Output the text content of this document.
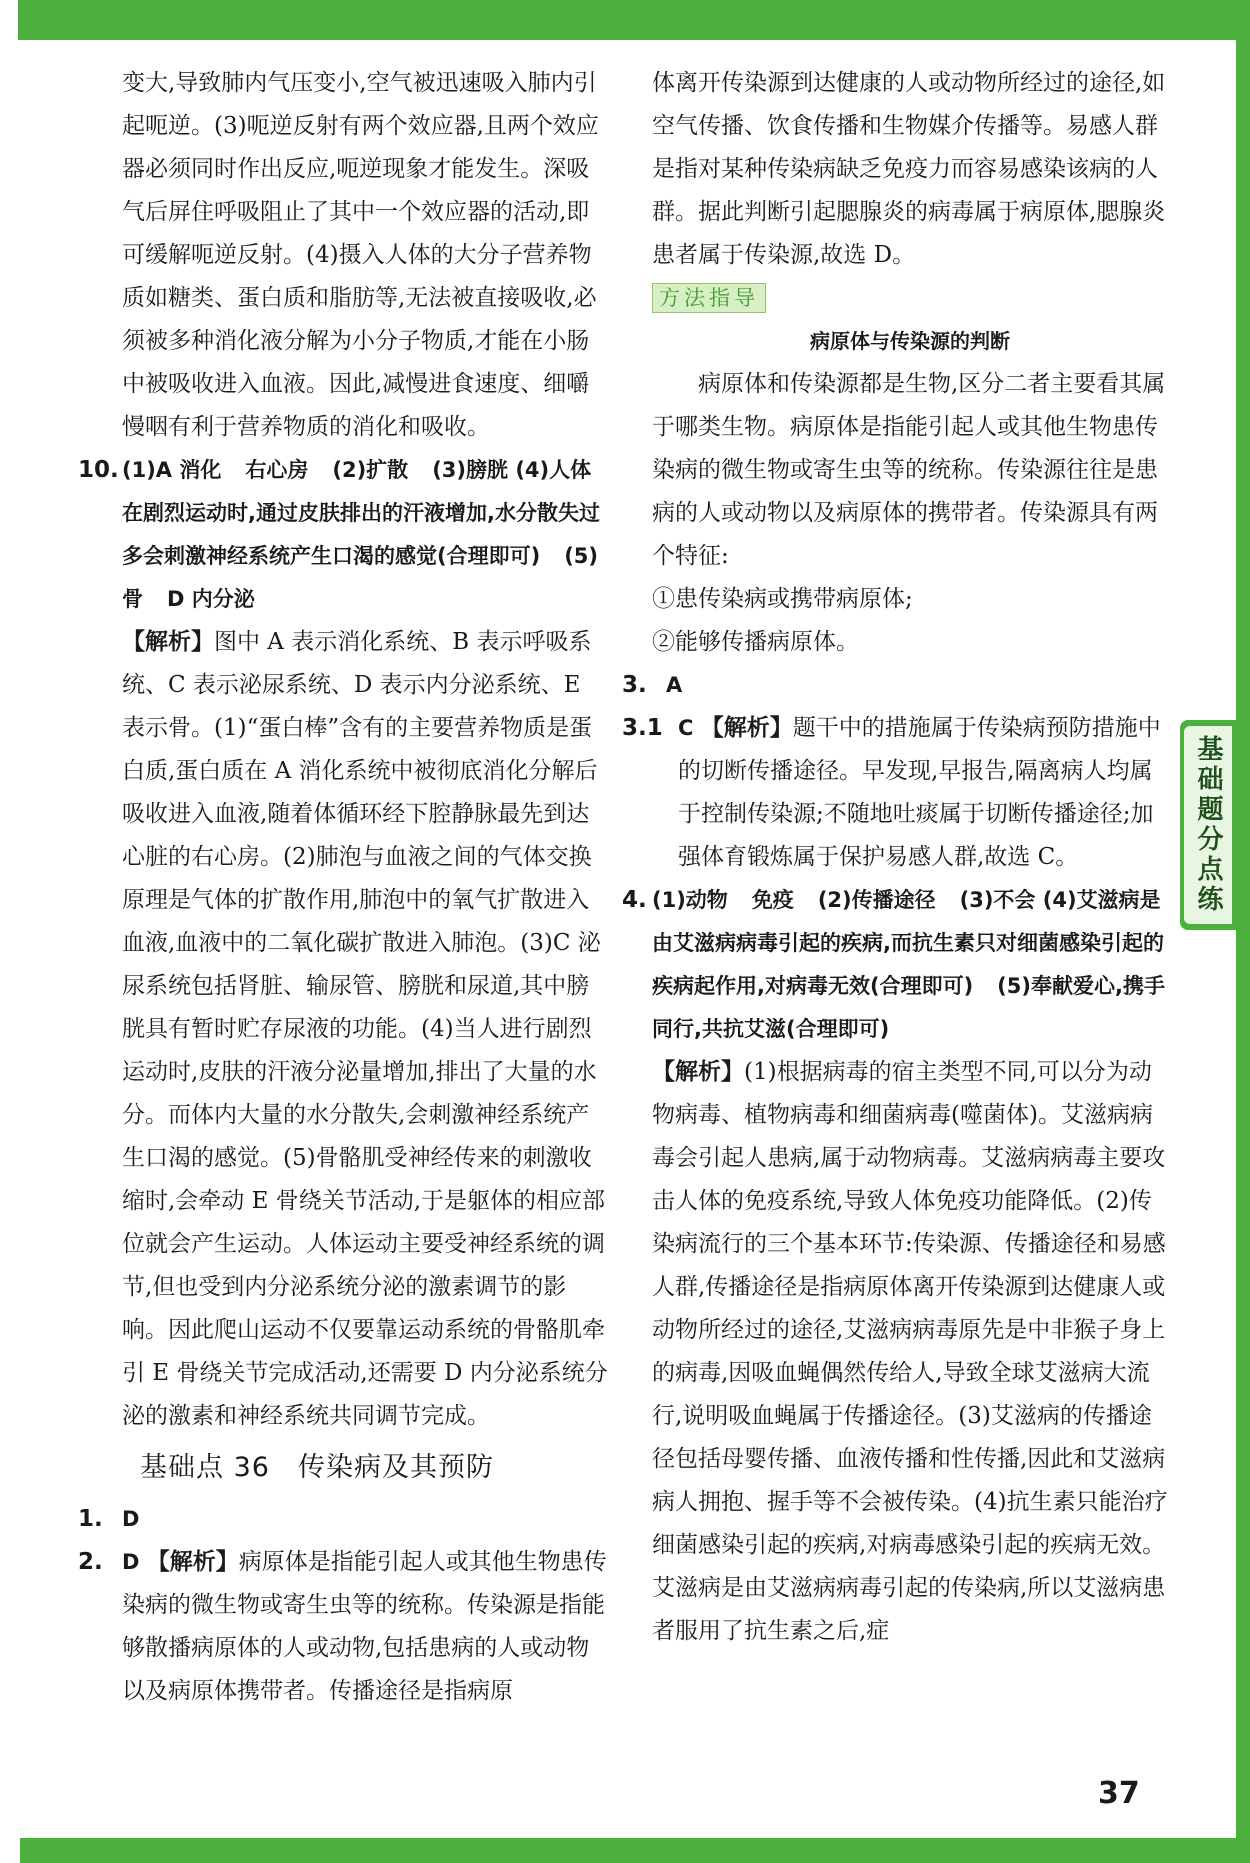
变大,导致肺内气压变小,空气被迅速吸入肺内引起呃逆。(3)呃逆反射有两个效应器,且两个效应器必须同时作出反应,呃逆现象才能发生。深吸气后屏住呼吸阻止了其中一个效应器的活动,即可缓解呃逆反射。(4)摄入人体的大分子营养物质如糖类、蛋白质和脂肪等,无法被直接吸收,必须被多种消化液分解为小分子物质,才能在小肠中被吸收进入血液。因此,减慢进食速度、细嚼慢咽有利于营养物质的消化和吸收。

10. (1)A 消化 右心房 (2)扩散 (3)膀胱 (4)人体在剧烈运动时,通过皮肤排出的汗液增加,水分散失过多会刺激神经系统产生口渴的感觉(合理即可) (5)骨 D 内分泌

【解析】图中 A 表示消化系统、B 表示呼吸系统、C 表示泌尿系统、D 表示内分泌系统、E 表示骨。(1)“蛋白棒”含有的主要营养物质是蛋白质,蛋白质在 A 消化系统中被彻底消化分解后吸收进入血液,随着体循环经下腔静脉最先到达心脏的右心房。(2)肺泡与血液之间的气体交换原理是气体的扩散作用,肺泡中的氧气扩散进入血液,血液中的二氧化碳扩散进入肺泡。(3)C 泌尿系统包括肾脏、输尿管、膀胱和尿道,其中膀胱具有暂时贮存尿液的功能。(4)当人进行剧烈运动时,皮肤的汗液分泌量增加,排出了大量的水分。而体内大量的水分散失,会刺激神经系统产生口渴的感觉。(5)骨骼肌受神经传来的刺激收缩时,会牵动 E 骨绕关节活动,于是躯体的相应部位就会产生运动。人体运动主要受神经系统的调节,但也受到内分泌系统分泌的激素调节的影响。因此爬山运动不仅要靠运动系统的骨骼肌牵引 E 骨绕关节完成活动,还需要 D 内分泌系统分泌的激素和神经系统共同调节完成。

基础点 36　传染病及其预防
1. D
2. D 【解析】病原体是指能引起人或其他生物患传染病的微生物或寄生虫等的统称。传染源是指能够散播病原体的人或动物,包括患病的人或动物以及病原体携带者。传播途径是指病原

体离开传染源到达健康的人或动物所经过的途径,如空气传播、饮食传播和生物媒介传播等。易感人群是指对某种传染病缺乏免疫力而容易感染该病的人群。据此判断引起腮腺炎的病毒属于病原体,腮腺炎患者属于传染源,故选 D。

方法指导

病原体与传染源的判断

病原体和传染源都是生物,区分二者主要看其属于哪类生物。病原体是指能引起人或其他生物患传染病的微生物或寄生虫等的统称。传染源往往是患病的人或动物以及病原体的携带者。传染源具有两个特征:

①患传染病或携带病原体;

②能够传播病原体。

3. A
3.1 C 【解析】题干中的措施属于传染病预防措施中的切断传播途径。早发现,早报告,隔离病人均属于控制传染源;不随地吐痰属于切断传播途径;加强体育锻炼属于保护易感人群,故选 C。
4. (1)动物 免疫 (2)传播途径 (3)不会 (4)艾滋病是由艾滋病病毒引起的疾病,而抗生素只对细菌感染引起的疾病起作用,对病毒无效(合理即可) (5)奉献爱心,携手同行,共抗艾滋(合理即可)

【解析】(1)根据病毒的宿主类型不同,可以分为动物病毒、植物病毒和细菌病毒(噬菌体)。艾滋病病毒会引起人患病,属于动物病毒。艾滋病病毒主要攻击人体的免疫系统,导致人体免疫功能降低。(2)传染病流行的三个基本环节:传染源、传播途径和易感人群,传播途径是指病原体离开传染源到达健康人或动物所经过的途径,艾滋病病毒原先是中非猴子身上的病毒,因吸血蝇偶然传给人,导致全球艾滋病大流行,说明吸血蝇属于传播途径。(3)艾滋病的传播途径包括母婴传播、血液传播和性传播,因此和艾滋病病人拥抱、握手等不会被传染。(4)抗生素只能治疗细菌感染引起的疾病,对病毒感染引起的疾病无效。艾滋病是由艾滋病病毒引起的传染病,所以艾滋病患者服用了抗生素之后,症

基础题分点练
37
